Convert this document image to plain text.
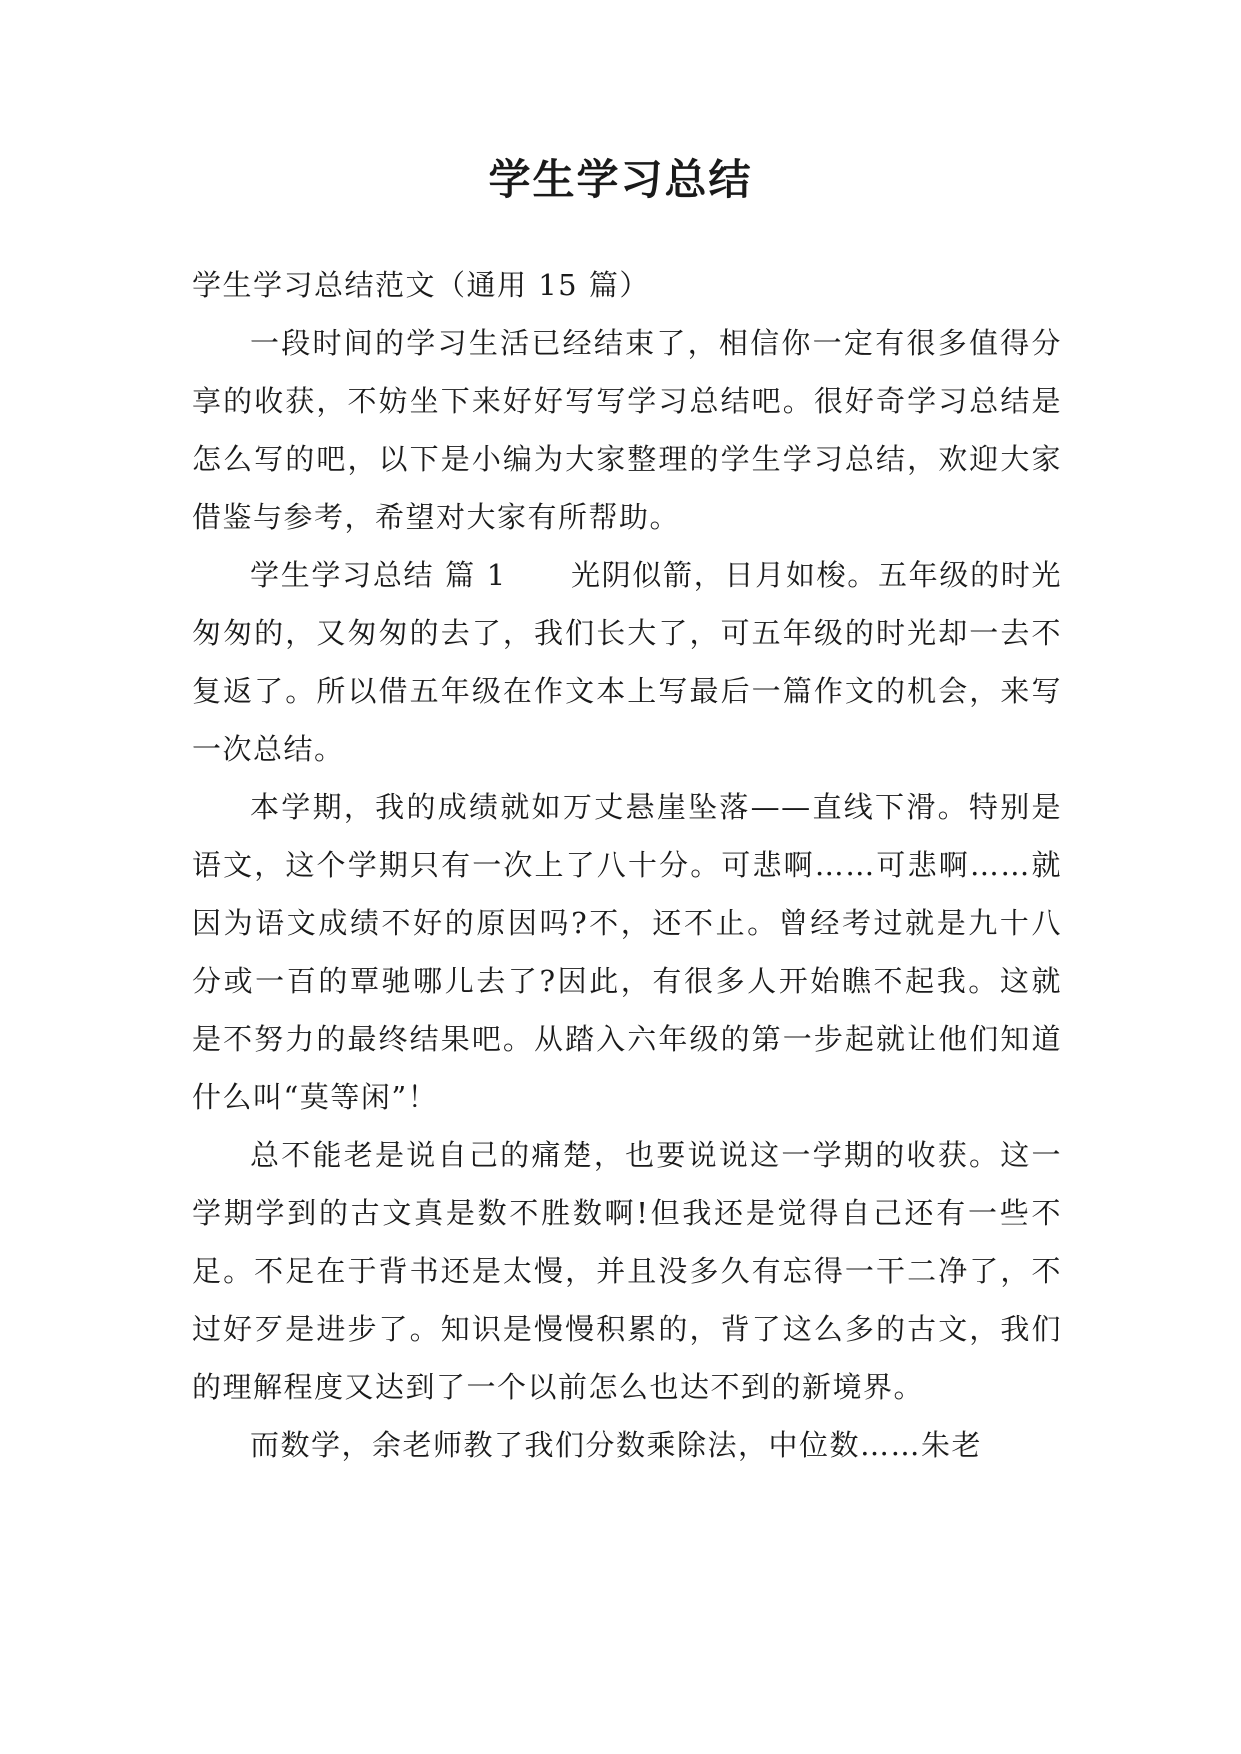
学生学习总结

学生学习总结范文（通用 15 篇）

一段时间的学习生活已经结束了，相信你一定有很多值得分享的收获，不妨坐下来好好写写学习总结吧。很好奇学习总结是怎么写的吧，以下是小编为大家整理的学生学习总结，欢迎大家借鉴与参考，希望对大家有所帮助。

学生学习总结 篇 1 光阴似箭，日月如梭。五年级的时光匆匆的，又匆匆的去了，我们长大了，可五年级的时光却一去不复返了。所以借五年级在作文本上写最后一篇作文的机会，来写一次总结。

本学期，我的成绩就如万丈悬崖坠落——直线下滑。特别是语文，这个学期只有一次上了八十分。可悲啊……可悲啊……就因为语文成绩不好的原因吗?不，还不止。曾经考过就是九十八分或一百的覃驰哪儿去了?因此，有很多人开始瞧不起我。这就是不努力的最终结果吧。从踏入六年级的第一步起就让他们知道什么叫“莫等闲”！

总不能老是说自己的痛楚，也要说说这一学期的收获。这一学期学到的古文真是数不胜数啊!但我还是觉得自己还有一些不足。不足在于背书还是太慢，并且没多久有忘得一干二净了，不过好歹是进步了。知识是慢慢积累的，背了这么多的古文，我们的理解程度又达到了一个以前怎么也达不到的新境界。

而数学，余老师教了我们分数乘除法，中位数……朱老
